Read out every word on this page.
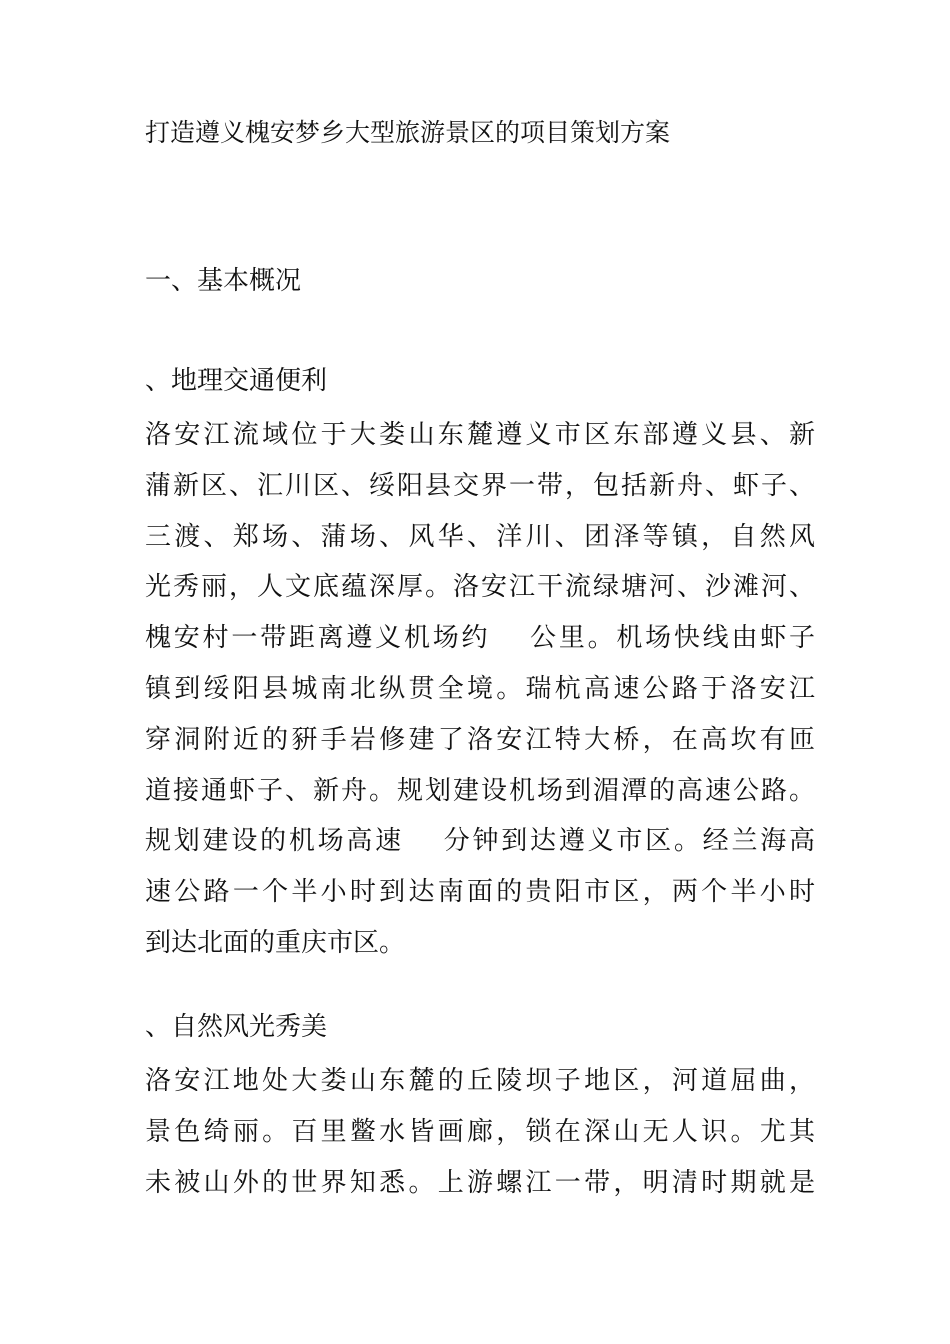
打造遵义槐安梦乡大型旅游景区的项目策划方案
一、基本概况
、地理交通便利
洛安江流域位于大娄山东麓遵义市区东部遵义县、新
蒲新区、汇川区、绥阳县交界一带，包括新舟、虾子、
三渡、郑场、蒲场、风华、洋川、团泽等镇，自然风
光秀丽，人文底蕴深厚。洛安江干流绿塘河、沙滩河、
槐安村一带距离遵义机场约　 公里。机场快线由虾子
镇到绥阳县城南北纵贯全境。瑞杭高速公路于洛安江
穿洞附近的豣手岩修建了洛安江特大桥，在高坎有匝
道接通虾子、新舟。规划建设机场到湄潭的高速公路。
规划建设的机场高速　 分钟到达遵义市区。经兰海高
速公路一个半小时到达南面的贵阳市区，两个半小时
到达北面的重庆市区。
、自然风光秀美
洛安江地处大娄山东麓的丘陵坝子地区，河道屈曲，
景色绮丽。百里鳖水皆画廊，锁在深山无人识。尤其
未被山外的世界知悉。上游螺江一带，明清时期就是
